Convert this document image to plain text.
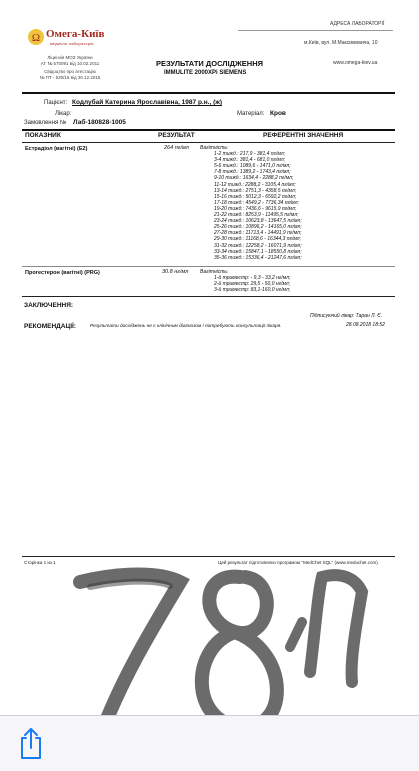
Ω Омега-Київ
медичне лабораторія
Ліцензія МОЗ України
АГ № 570091 від 10.02.2011
Свідоцтво про атестацію
№ ПТ - 530/15 від 30.12.2015
АДРЕСА ЛАБОРАТОРІЇ
м.Київ, вул. М.Максимовича, 10
www.omega-kiev.ua
РЕЗУЛЬТАТИ ДОСЛІДЖЕННЯ
IMMULITE 2000XPi SIEMENS
Пацієнт: Кодлубай Катерина Ярославівна, 1987 р.н., (ж)
Лікар:	Матеріал: Кров
Замовлення № Лаб-180828-1005
ПОКАЗНИК	РЕЗУЛЬТАТ	РЕФЕРЕНТНІ ЗНАЧЕННЯ
Естрадіол (вагітні) (E2)	264 пг/мл Вагітність:
1-2 тижд.: 217,9 - 381,4 пг/мл;
3-4 тижд.: 381,4 - 681,0 пг/мл;
5-6 тижд.: 1089,6 - 1471,0 пг/мл;
7-8 тижд.: 1389,2 - 1743,4 пг/мл;
9-10 тижд.: 1634,4 - 2288,2 пг/мл;
11-12 тижд.: 2288,2 - 3105,4 пг/мл;
13-14 тижд.: 2751,3 - 4358,5 пг/мл;
15-16 тижд.: 5012,3 - 6592,2 пг/мл;
17-18 тижд.: 4549,2 - 7736,34 пг/мл;
19-20 тижд.: 7436,6 - 9615,9 пг/мл;
21-22 тижд.: 8253,9 - 11495,5 пг/мл;
23-24 тижд.: 10623,8 - 13647,5 пг/мл;
25-26 тижд.: 10896,2 - 14165,0 пг/мл;
27-28 тижд.: 11713,4 - 14491,9 пг/мл;
29-30 тижд.: 11168,6 - 16344,3 пг/мл;
31-32 тижд.: 12258,2 - 16071,9 пг/мл;
33-34 тижд.: 15847,1 - 18550,8 пг/мл;
35-36 тижд.: 15336,4 - 21247,6 пг/мл;
Прогестерон (вагітні) (PRG)	30.8 нг/мл Вагітність:
1-й триместр: - 9,3 - 33,2 нг/мл;
2-й триместр: 29,5 - 50,0 нг/мл;
3-й триместр: 83,1-160,0 нг/мл;
ЗАКЛЮЧЕННЯ:
Підписуючий лікар: Таран Л. Є.
28.08.2018 18:52
РЕКОМЕНДАЦІЇ:	Результати досліджень не є клінічним діагнозом і потребують консультації лікаря.
Сторінка 1 из 1	Цей результат підготовлено програмою "MedChet SQL" (www.meduchet.com)
